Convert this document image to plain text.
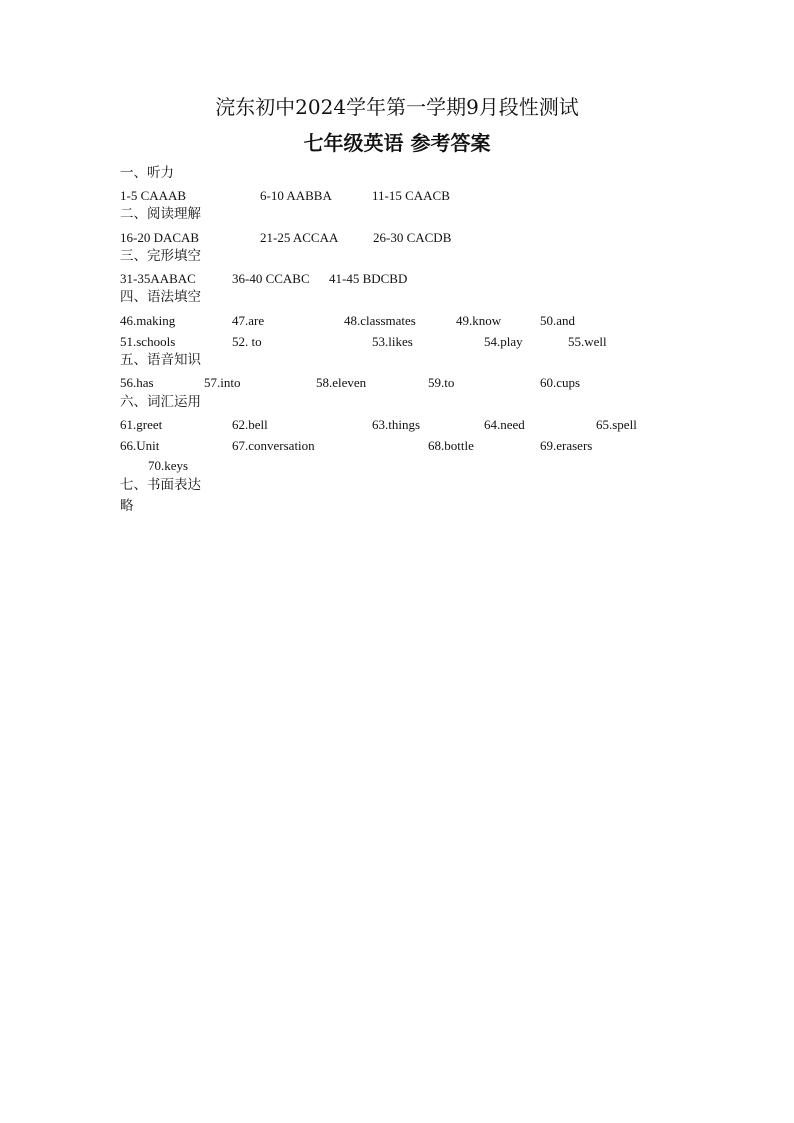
浣东初中2024学年第一学期9月段性测试
七年级英语 参考答案
一、听力
1-5 CAAAB	6-10 AABBA	11-15 CAACB
二、阅读理解
16-20 DACAB	21-25 ACCAA	26-30 CACDB
三、完形填空
31-35AABAC	36-40 CCABC 41-45 BDCBD
四、语法填空
46.making	47.are	48.classmates	49.know	50.and
51.schools	52. to	53.likes	54.play	55.well
五、语音知识
56.has	57.into	58.eleven	59.to	60.cups
六、词汇运用
61.greet	62.bell	63.things	64.need	65.spell
66.Unit	67.conversation	68.bottle	69.erasers
70.keys
七、书面表达
略
